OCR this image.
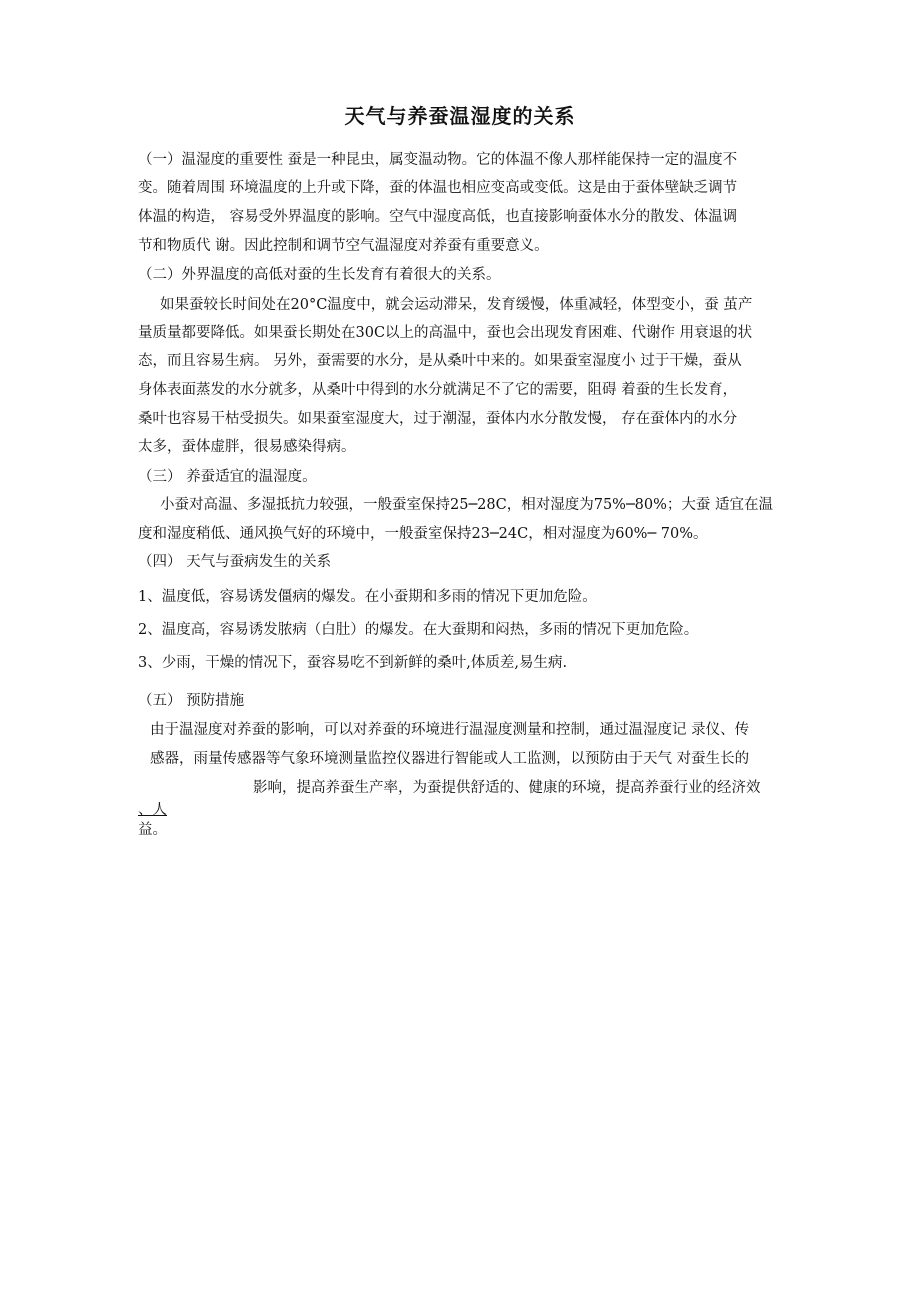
天气与养蚕温湿度的关系
（一）温湿度的重要性 蚕是一种昆虫，属变温动物。它的体温不像人那样能保持一定的温度不
变。随着周围 环境温度的上升或下降，蚕的体温也相应变高或变低。这是由于蚕体壁缺乏调节
体温的构造， 容易受外界温度的影响。空气中湿度高低，也直接影响蚕体水分的散发、体温调
节和物质代 谢。因此控制和调节空气温湿度对养蚕有重要意义。
（二）外界温度的高低对蚕的生长发育有着很大的关系。
如果蚕较长时间处在20°C温度中，就会运动滞呆，发育缓慢，体重减轻，体型变小，蚕 茧产
量质量都要降低。如果蚕长期处在30C以上的高温中，蚕也会出现发育困难、代谢作 用衰退的状
态，而且容易生病。 另外，蚕需要的水分，是从桑叶中来的。如果蚕室湿度小 过于干燥，蚕从
身体表面蒸发的水分就多，从桑叶中得到的水分就满足不了它的需要，阻碍 着蚕的生长发育，
桑叶也容易干枯受损失。如果蚕室湿度大，过于潮湿，蚕体内水分散发慢， 存在蚕体内的水分
太多，蚕体虚胖，很易感染得病。
（三） 养蚕适宜的温湿度。
小蚕对高温、多湿抵抗力较强，一般蚕室保持25─28C，相对湿度为75%─80%；大蚕 适宜在温
度和湿度稍低、通风换气好的环境中，一般蚕室保持23─24C，相对湿度为60%─ 70%。
（四） 天气与蚕病发生的关系
1、温度低，容易诱发僵病的爆发。在小蚕期和多雨的情况下更加危险。
2、温度高，容易诱发脓病（白肚）的爆发。在大蚕期和闷热，多雨的情况下更加危险。
3、少雨，干燥的情况下，蚕容易吃不到新鲜的桑叶,体质差,易生病.
（五） 预防措施
由于温湿度对养蚕的影响，可以对养蚕的环境进行温湿度测量和控制，通过温湿度记 录仪、传
感器，雨量传感器等气象环境测量监控仪器进行智能或人工监测，以预防由于天气 对蚕生长的
影响，提高养蚕生产率，为蚕提供舒适的、健康的环境，提高养蚕行业的经济效
、人
益。
